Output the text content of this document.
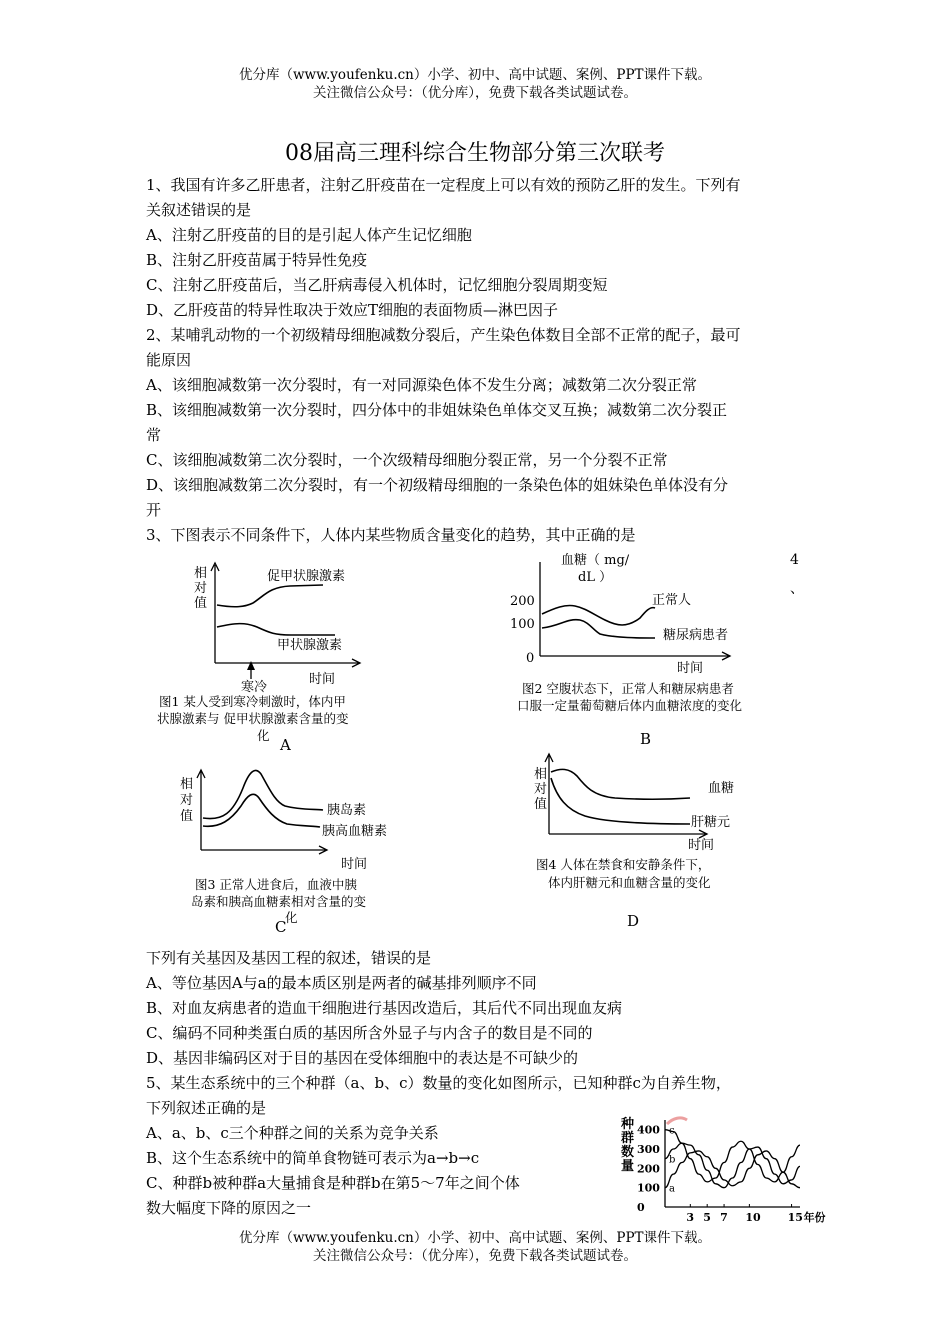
优分库（www.youfenku.cn）小学、初中、高中试题、案例、PPT课件下载。
关注微信公众号：（优分库），免费下载各类试题试卷。
08届高三理科综合生物部分第三次联考
1、我国有许多乙肝患者，注射乙肝疫苗在一定程度上可以有效的预防乙肝的发生。下列有
关叙述错误的是
A、注射乙肝疫苗的目的是引起人体产生记忆细胞
B、注射乙肝疫苗属于特异性免疫
C、注射乙肝疫苗后，当乙肝病毒侵入机体时，记忆细胞分裂周期变短
D、乙肝疫苗的特异性取决于效应T细胞的表面物质—淋巴因子
2、某哺乳动物的一个初级精母细胞减数分裂后，产生染色体数目全部不正常的配子，最可
能原因
A、该细胞减数第一次分裂时，有一对同源染色体不发生分离；减数第二次分裂正常
B、该细胞减数第一次分裂时，四分体中的非姐妹染色单体交叉互换；减数第二次分裂正
常
C、该细胞减数第二次分裂时，一个次级精母细胞分裂正常，另一个分裂不正常
D、该细胞减数第二次分裂时，有一个初级精母细胞的一条染色体的姐妹染色单体没有分
开
3、下图表示不同条件下，人体内某些物质含量变化的趋势，其中正确的是
4
、
相
对
值
促甲状腺激素
甲状腺激素
时间
寒冷
图1 某人受到寒冷刺激时，体内甲
状腺激素与 促甲状腺激素含量的变
化
A
血糖（ mg/
dL ）
200
100
0
正常人
糖尿病患者
时间
图2 空腹状态下，正常人和糖尿病患者
口服一定量葡萄糖后体内血糖浓度的变化
B
相
对
值	胰岛素
胰高血糖素
时间
图3 正常人进食后，血液中胰
岛素和胰高血糖素相对含量的变
化
C
相
对
值
血糖
肝糖元
时间
图4 人体在禁食和安静条件下，
体内肝糖元和血糖含量的变化
D
下列有关基因及基因工程的叙述，错误的是
A、等位基因A与a的最本质区别是两者的碱基排列顺序不同
B、对血友病患者的造血干细胞进行基因改造后，其后代不同出现血友病
C、编码不同种类蛋白质的基因所含外显子与内含子的数目是不同的
D、基因非编码区对于目的基因在受体细胞中的表达是不可缺少的
5、某生态系统中的三个种群（a、b、c）数量的变化如图所示，已知种群c为自养生物，
下列叙述正确的是
A、a、b、c三个种群之间的关系为竞争关系
B、这个生态系统中的简单食物链可表示为a→b→c
C、种群b被种群a大量捕食是种群b在第5～7年之间个体
数大幅度下降的原因之一
种
群
数
量
400
300
200
100
0
3 5 7 10 15 年份
c
b
a
优分库（www.youfenku.cn）小学、初中、高中试题、案例、PPT课件下载。
关注微信公众号：（优分库），免费下载各类试题试卷。
